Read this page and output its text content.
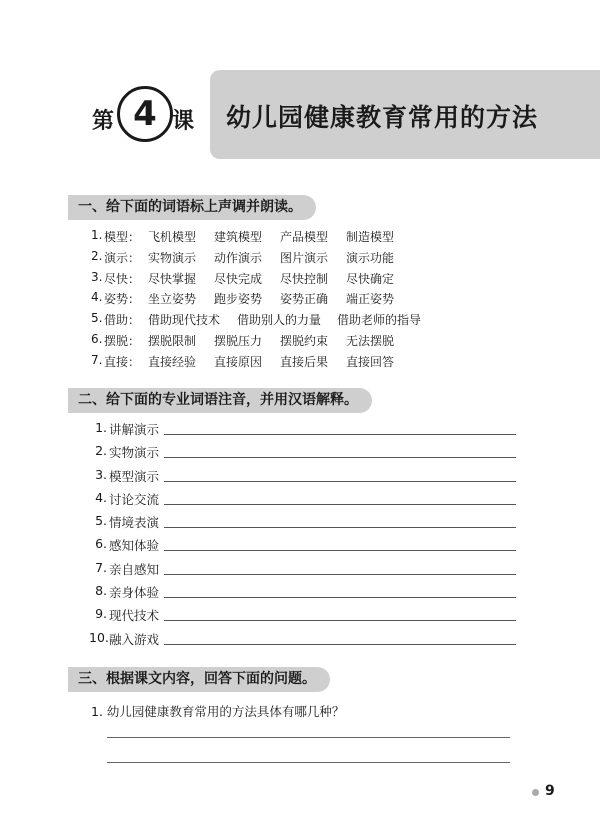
第 4 课 幼儿园健康教育常用的方法
一、给下面的词语标上声调并朗读。
1. 模型： 飞机模型	建筑模型	产品模型	制造模型
2. 演示： 实物演示	动作演示	图片演示	演示功能
3. 尽快： 尽快掌握	尽快完成	尽快控制	尽快确定
4. 姿势： 坐立姿势	跑步姿势	姿势正确	端正姿势
5. 借助： 借助现代技术	借助别人的力量	借助老师的指导
6. 摆脱： 摆脱限制	摆脱压力	摆脱约束	无法摆脱
7. 直接： 直接经验	直接原因	直接后果	直接回答
二、给下面的专业词语注音，并用汉语解释。
1. 讲解演示
2. 实物演示
3. 模型演示
4. 讨论交流
5. 情境表演
6. 感知体验
7. 亲自感知
8. 亲身体验
9. 现代技术
10. 融入游戏
三、根据课文内容，回答下面的问题。
1. 幼儿园健康教育常用的方法具体有哪几种？
9
